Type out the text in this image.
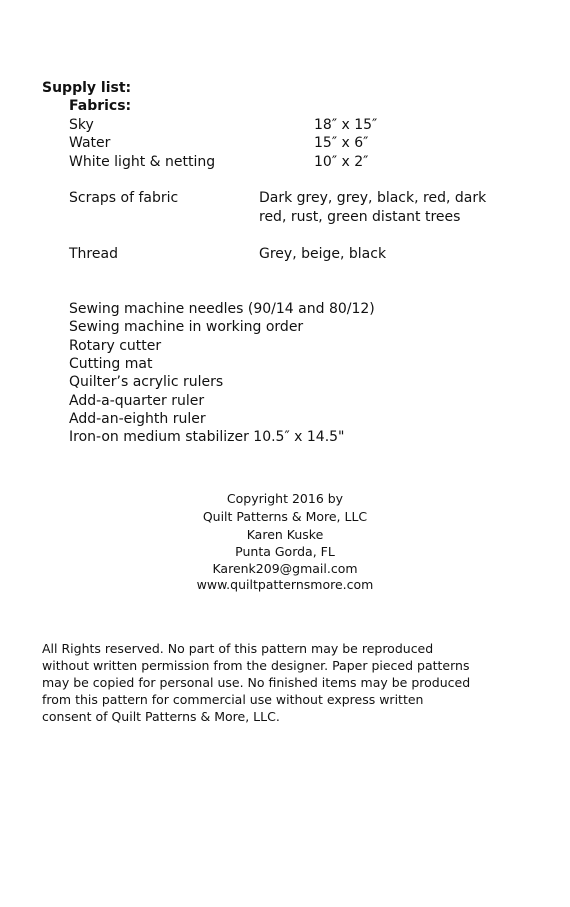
Supply list:
Fabrics:
Sky	18″ x 15″
Water	15″ x 6″
White light & netting	10″ x 2″
Scraps of fabric	Dark grey, grey, black, red, dark
red, rust, green distant trees
Thread	Grey, beige, black
Sewing machine needles (90/14 and 80/12)
Sewing machine in working order
Rotary cutter
Cutting mat
Quilter’s acrylic rulers
Add-a-quarter ruler
Add-an-eighth ruler
Iron-on medium stabilizer 10.5″ x 14.5"
Copyright 2016 by
Quilt Patterns & More, LLC
Karen Kuske
Punta Gorda, FL
Karenk209@gmail.com
www.quiltpatternsmore.com
All Rights reserved. No part of this pattern may be reproduced
without written permission from the designer. Paper pieced patterns
may be copied for personal use. No finished items may be produced
from this pattern for commercial use without express written
consent of Quilt Patterns & More, LLC.
